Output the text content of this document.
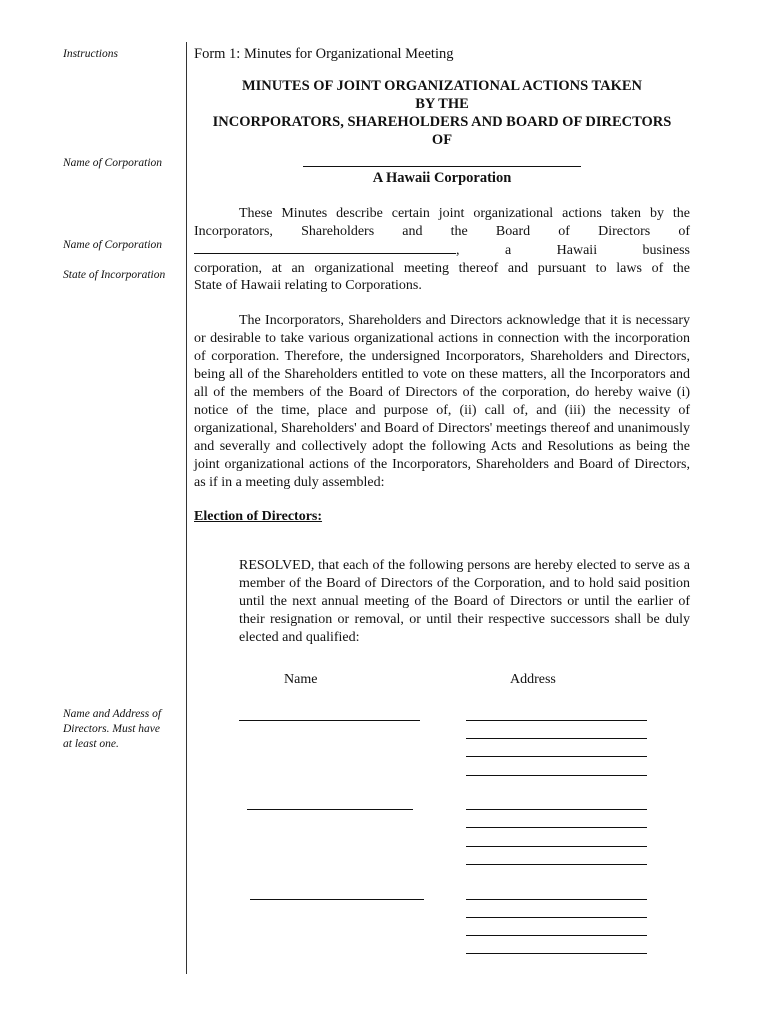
Instructions
Name of Corporation
Name of Corporation
State of Incorporation
Name and Address of
Directors. Must have
at least one.
Form 1: Minutes for Organizational Meeting
MINUTES OF JOINT ORGANIZATIONAL ACTIONS TAKEN
BY THE
INCORPORATORS, SHAREHOLDERS AND BOARD OF DIRECTORS
OF
A Hawaii Corporation

These Minutes describe certain joint organizational actions taken by the

Incorporators, Shareholders and the Board of Directors of

, a Hawaii business

corporation, at an organizational meeting thereof and pursuant to laws of the

State of Hawaii relating to Corporations.

The Incorporators, Shareholders and Directors acknowledge that it is necessary or desirable to take various organizational actions in connection with the incorporation of corporation. Therefore, the undersigned Incorporators, Shareholders and Directors, being all of the Shareholders entitled to vote on these matters, all the Incorporators and all of the members of the Board of Directors of the corporation, do hereby waive (i) notice of the time, place and purpose of, (ii) call of, and (iii) the necessity of organizational, Shareholders' and Board of Directors' meetings thereof and unanimously and severally and collectively adopt the following Acts and Resolutions as being the joint organizational actions of the Incorporators, Shareholders and Board of Directors, as if in a meeting duly assembled:

Election of Directors:

RESOLVED, that each of the following persons are hereby elected to serve as a member of the Board of Directors of the Corporation, and to hold said position until the next annual meeting of the Board of Directors or until the earlier of their resignation or removal, or until their respective successors shall be duly elected and qualified:

Name	Address
